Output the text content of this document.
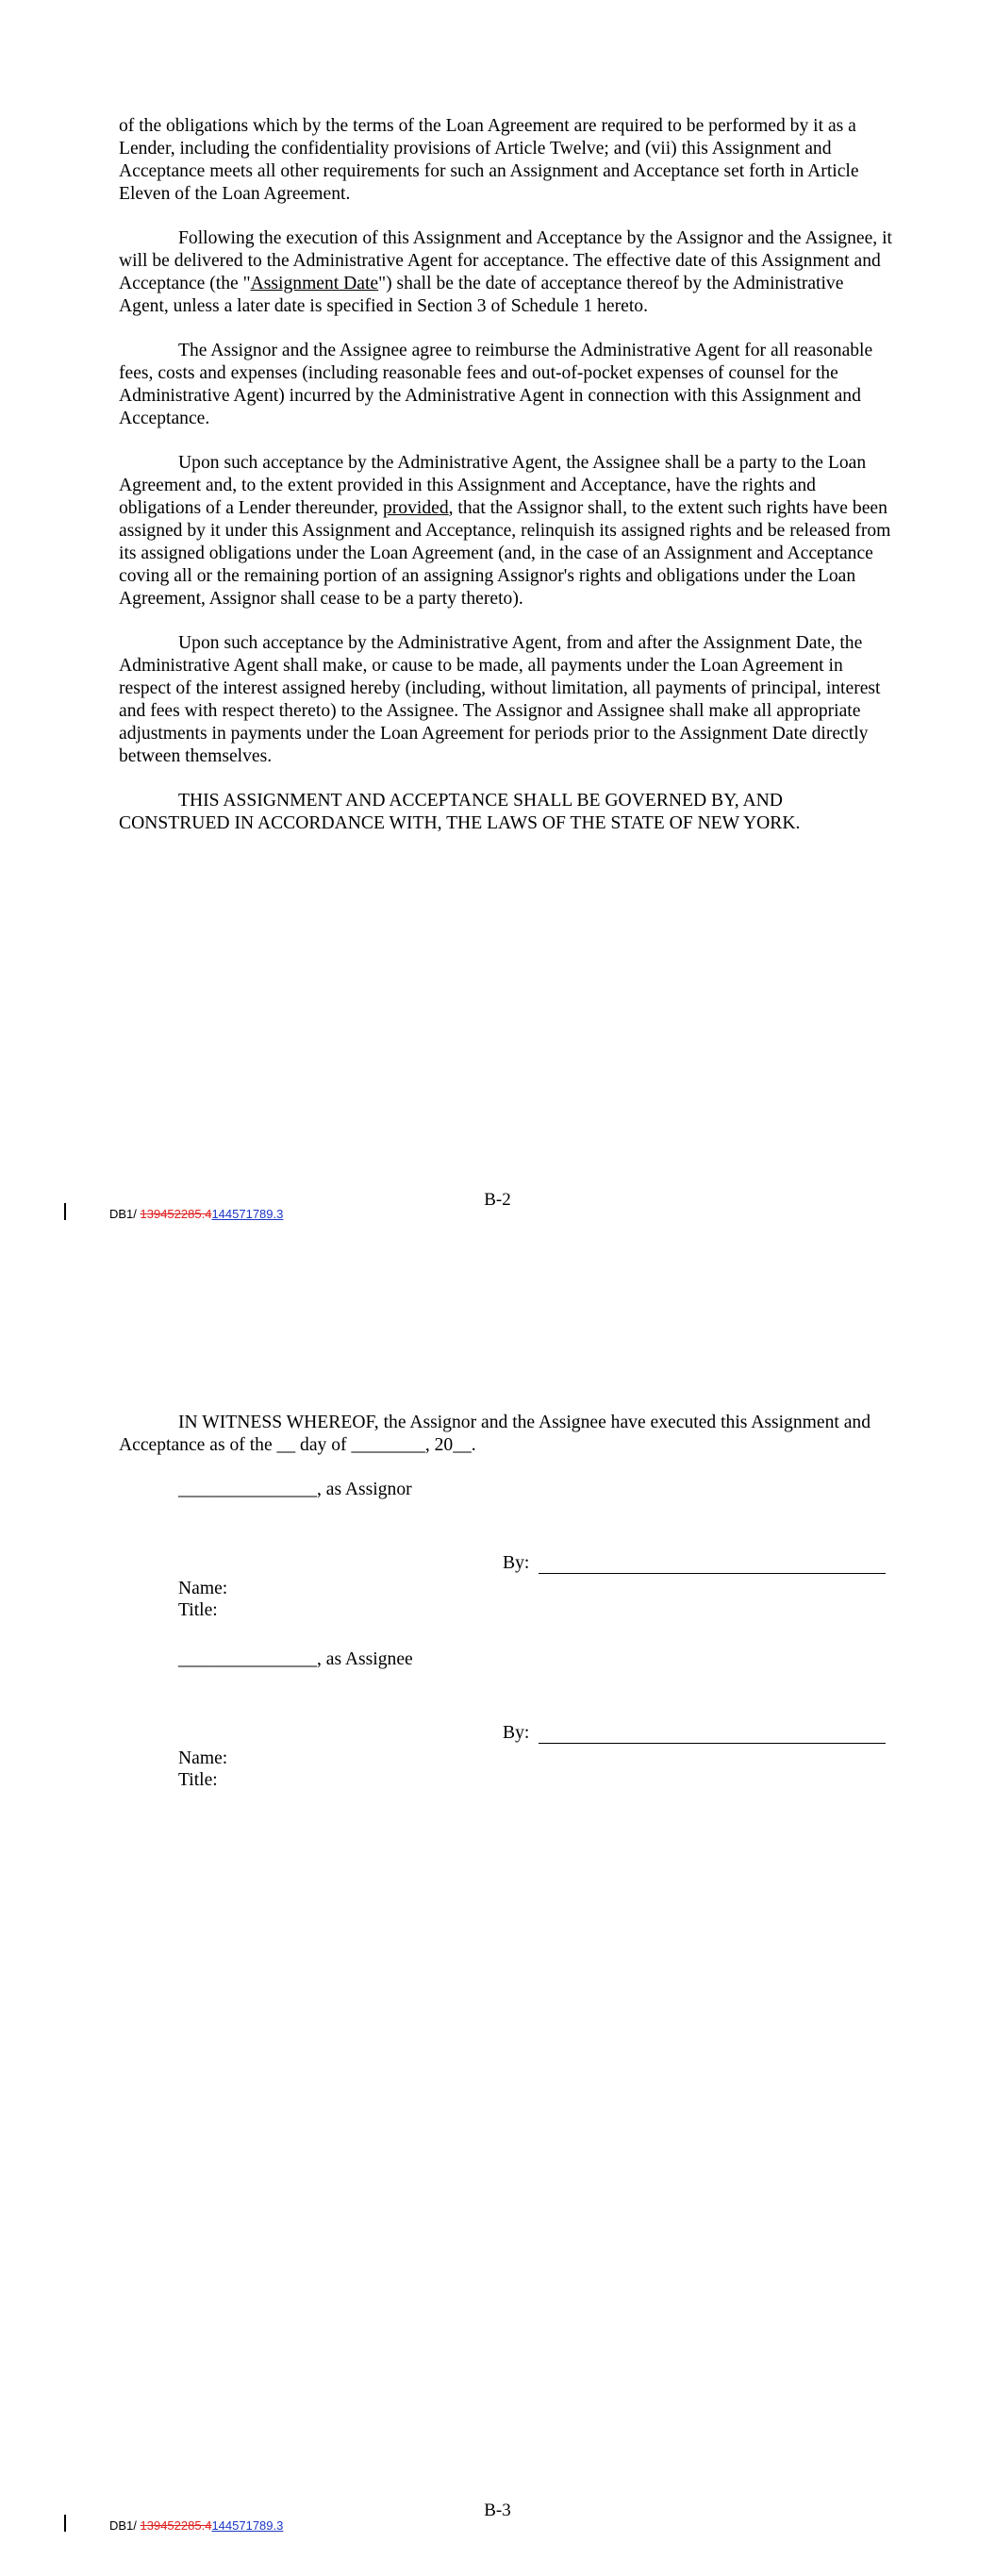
of the obligations which by the terms of the Loan Agreement are required to be performed by it as a Lender, including the confidentiality provisions of Article Twelve; and (vii) this Assignment and Acceptance meets all other requirements for such an Assignment and Acceptance set forth in Article Eleven of the Loan Agreement.

Following the execution of this Assignment and Acceptance by the Assignor and the Assignee, it will be delivered to the Administrative Agent for acceptance. The effective date of this Assignment and Acceptance (the "Assignment Date") shall be the date of acceptance thereof by the Administrative Agent, unless a later date is specified in Section 3 of Schedule 1 hereto.

The Assignor and the Assignee agree to reimburse the Administrative Agent for all reasonable fees, costs and expenses (including reasonable fees and out-of-pocket expenses of counsel for the Administrative Agent) incurred by the Administrative Agent in connection with this Assignment and Acceptance.

Upon such acceptance by the Administrative Agent, the Assignee shall be a party to the Loan Agreement and, to the extent provided in this Assignment and Acceptance, have the rights and obligations of a Lender thereunder, provided, that the Assignor shall, to the extent such rights have been assigned by it under this Assignment and Acceptance, relinquish its assigned rights and be released from its assigned obligations under the Loan Agreement (and, in the case of an Assignment and Acceptance coving all or the remaining portion of an assigning Assignor's rights and obligations under the Loan Agreement, Assignor shall cease to be a party thereto).

Upon such acceptance by the Administrative Agent, from and after the Assignment Date, the Administrative Agent shall make, or cause to be made, all payments under the Loan Agreement in respect of the interest assigned hereby (including, without limitation, all payments of principal, interest and fees with respect thereto) to the Assignee. The Assignor and Assignee shall make all appropriate adjustments in payments under the Loan Agreement for periods prior to the Assignment Date directly between themselves.

THIS ASSIGNMENT AND ACCEPTANCE SHALL BE GOVERNED BY, AND CONSTRUED IN ACCORDANCE WITH, THE LAWS OF THE STATE OF NEW YORK.

B-2
DB1/ 139452285.4144571789.3

IN WITNESS WHEREOF, the Assignor and the Assignee have executed this Assignment and Acceptance as of the __ day of ________, 20__.

_______________, as Assignor
By:
Name:
Title:
_______________, as Assignee
By:
Name:
Title:
B-3
DB1/ 139452285.4144571789.3
